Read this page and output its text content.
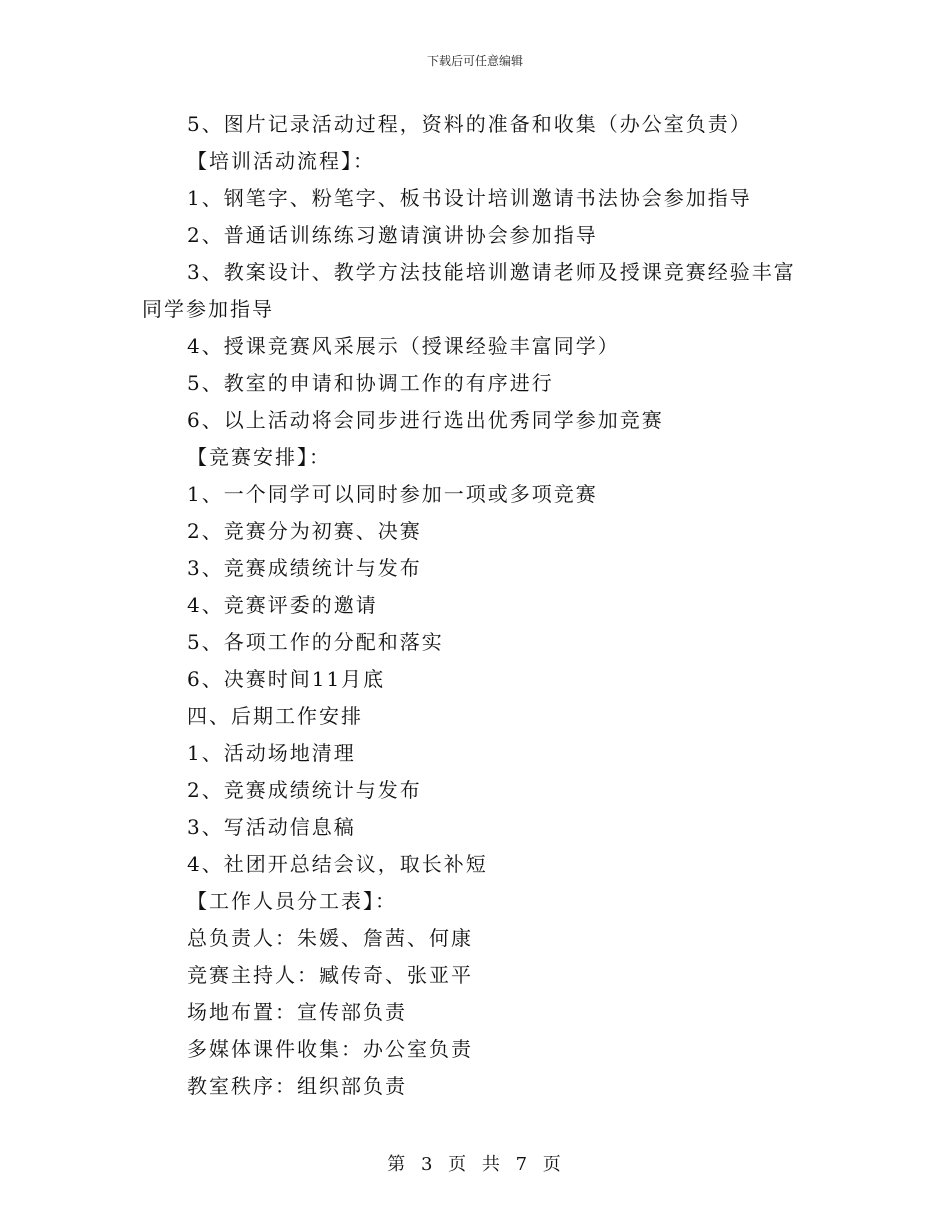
下载后可任意编辑

5、图片记录活动过程，资料的准备和收集（办公室负责）

【培训活动流程】：

1、钢笔字、粉笔字、板书设计培训邀请书法协会参加指导

2、普通话训练练习邀请演讲协会参加指导

3、教案设计、教学方法技能培训邀请老师及授课竞赛经验丰富同学参加指导

4、授课竞赛风采展示（授课经验丰富同学）

5、教室的申请和协调工作的有序进行

6、以上活动将会同步进行选出优秀同学参加竞赛

【竞赛安排】：

1、一个同学可以同时参加一项或多项竞赛

2、竞赛分为初赛、决赛

3、竞赛成绩统计与发布

4、竞赛评委的邀请

5、各项工作的分配和落实

6、决赛时间11月底

四、后期工作安排

1、活动场地清理

2、竞赛成绩统计与发布

3、写活动信息稿

4、社团开总结会议，取长补短

【工作人员分工表】：

总负责人：朱媛、詹茜、何康

竞赛主持人：臧传奇、张亚平

场地布置：宣传部负责

多媒体课件收集：办公室负责

教室秩序：组织部负责

第 3 页 共 7 页
